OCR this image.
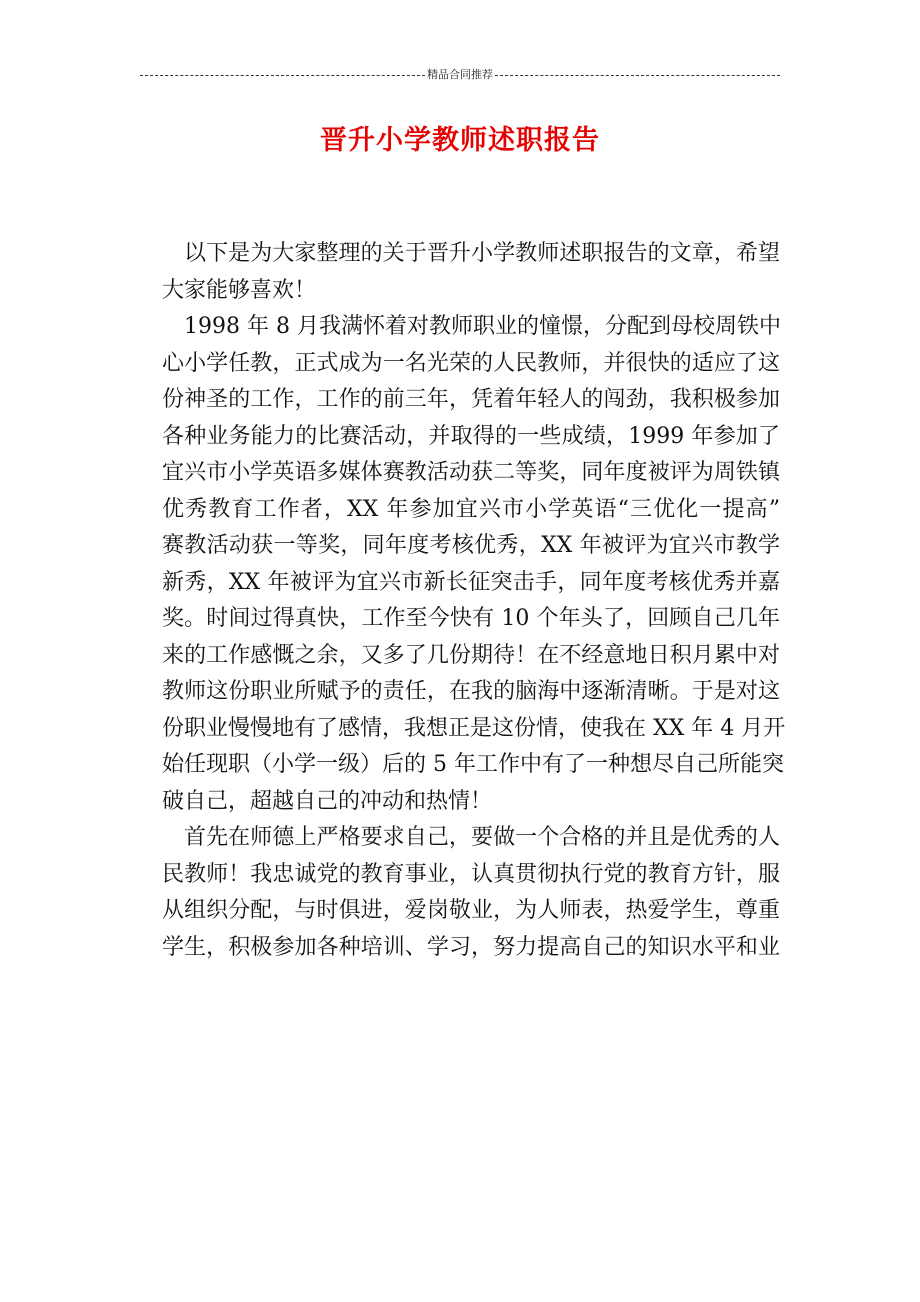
精品合同推荐
晋升小学教师述职报告
以下是为大家整理的关于晋升小学教师述职报告的文章，希望
大家能够喜欢！
1998 年 8 月我满怀着对教师职业的憧憬，分配到母校周铁中
心小学任教，正式成为一名光荣的人民教师，并很快的适应了这
份神圣的工作，工作的前三年，凭着年轻人的闯劲，我积极参加
各种业务能力的比赛活动，并取得的一些成绩，1999 年参加了
宜兴市小学英语多媒体赛教活动获二等奖，同年度被评为周铁镇
优秀教育工作者，XX 年参加宜兴市小学英语“三优化一提高”
赛教活动获一等奖，同年度考核优秀，XX 年被评为宜兴市教学
新秀，XX 年被评为宜兴市新长征突击手，同年度考核优秀并嘉
奖。时间过得真快，工作至今快有 10 个年头了，回顾自己几年
来的工作感慨之余，又多了几份期待！在不经意地日积月累中对
教师这份职业所赋予的责任，在我的脑海中逐渐清晰。于是对这
份职业慢慢地有了感情，我想正是这份情，使我在 XX 年 4 月开
始任现职（小学一级）后的 5 年工作中有了一种想尽自己所能突
破自己，超越自己的冲动和热情！
首先在师德上严格要求自己，要做一个合格的并且是优秀的人
民教师！我忠诚党的教育事业，认真贯彻执行党的教育方针，服
从组织分配，与时俱进，爱岗敬业，为人师表，热爱学生，尊重
学生，积极参加各种培训、学习，努力提高自己的知识水平和业
